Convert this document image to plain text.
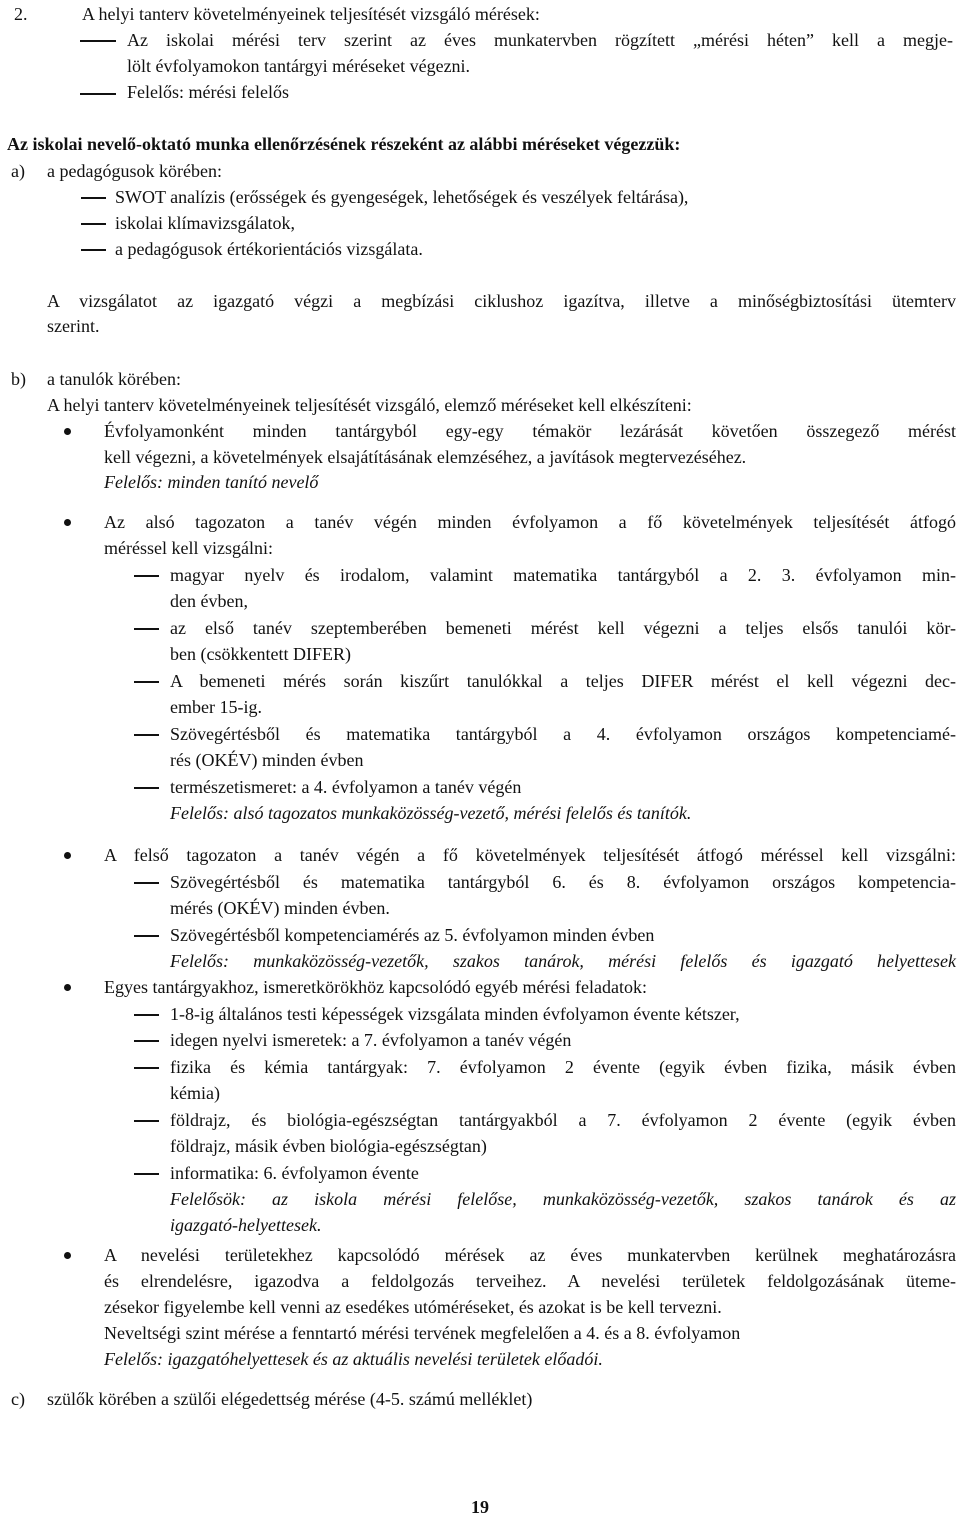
2.	A helyi tanterv követelményeinek teljesítését vizsgáló mérések:
Az iskolai mérési terv szerint az éves munkatervben rögzített „mérési héten” kell a megje-
lölt évfolyamokon tantárgyi méréseket végezni.
Felelős: mérési felelős
Az iskolai nevelő-oktató munka ellenőrzésének részeként az alábbi méréseket végezzük:
a) a pedagógusok körében:
SWOT analízis (erősségek és gyengeségek, lehetőségek és veszélyek feltárása),
iskolai klímavizsgálatok,
a pedagógusok értékorientációs vizsgálata.
A vizsgálatot az igazgató végzi a megbízási ciklushoz igazítva, illetve a minőségbiztosítási ütemterv
szerint.
b) a tanulók körében:
A helyi tanterv követelményeinek teljesítését vizsgáló, elemző méréseket kell elkészíteni:
Évfolyamonként minden tantárgyból egy-egy témakör lezárását követően összegező mérést
kell végezni, a követelmények elsajátításának elemzéséhez, a javítások megtervezéséhez.
Felelős: minden tanító nevelő
Az alsó tagozaton a tanév végén minden évfolyamon a fő követelmények teljesítését átfogó
méréssel kell vizsgálni:
magyar nyelv és irodalom, valamint matematika tantárgyból a 2. 3. évfolyamon min-
den évben,
az első tanév szeptemberében bemeneti mérést kell végezni a teljes elsős tanulói kör-
ben (csökkentett DIFER)
A bemeneti mérés során kiszűrt tanulókkal a teljes DIFER mérést el kell végezni dec-
ember 15-ig.
Szövegértésből és matematika tantárgyból a 4. évfolyamon országos kompetenciamé-
rés (OKÉV) minden évben
természetismeret: a 4. évfolyamon a tanév végén
Felelős: alsó tagozatos munkaközösség-vezető, mérési felelős és tanítók.
A felső tagozaton a tanév végén a fő követelmények teljesítését átfogó méréssel kell vizsgálni:
Szövegértésből és matematika tantárgyból 6. és 8. évfolyamon országos kompetencia-
mérés (OKÉV) minden évben.
Szövegértésből kompetenciamérés az 5. évfolyamon minden évben
Felelős: munkaközösség-vezetők, szakos tanárok, mérési felelős és igazgató helyettesek
Egyes tantárgyakhoz, ismeretkörökhöz kapcsolódó egyéb mérési feladatok:
1-8-ig általános testi képességek vizsgálata minden évfolyamon évente kétszer,
idegen nyelvi ismeretek: a 7. évfolyamon a tanév végén
fizika és kémia tantárgyak: 7. évfolyamon 2 évente (egyik évben fizika, másik évben
kémia)
földrajz, és biológia-egészségtan tantárgyakból a 7. évfolyamon 2 évente (egyik évben
földrajz, másik évben biológia-egészségtan)
informatika: 6. évfolyamon évente
Felelősök: az iskola mérési felelőse, munkaközösség-vezetők, szakos tanárok és az
igazgató-helyettesek.
A nevelési területekhez kapcsolódó mérések az éves munkatervben kerülnek meghatározásra
és elrendelésre, igazodva a feldolgozás terveihez. A nevelési területek feldolgozásának üteme-
zésekor figyelembe kell venni az esedékes utóméréseket, és azokat is be kell tervezni.
Neveltségi szint mérése a fenntartó mérési tervének megfelelően a 4. és a 8. évfolyamon
Felelős: igazgatóhelyettesek és az aktuális nevelési területek előadói.
c) szülők körében a szülői elégedettség mérése (4-5. számú melléklet)
19
